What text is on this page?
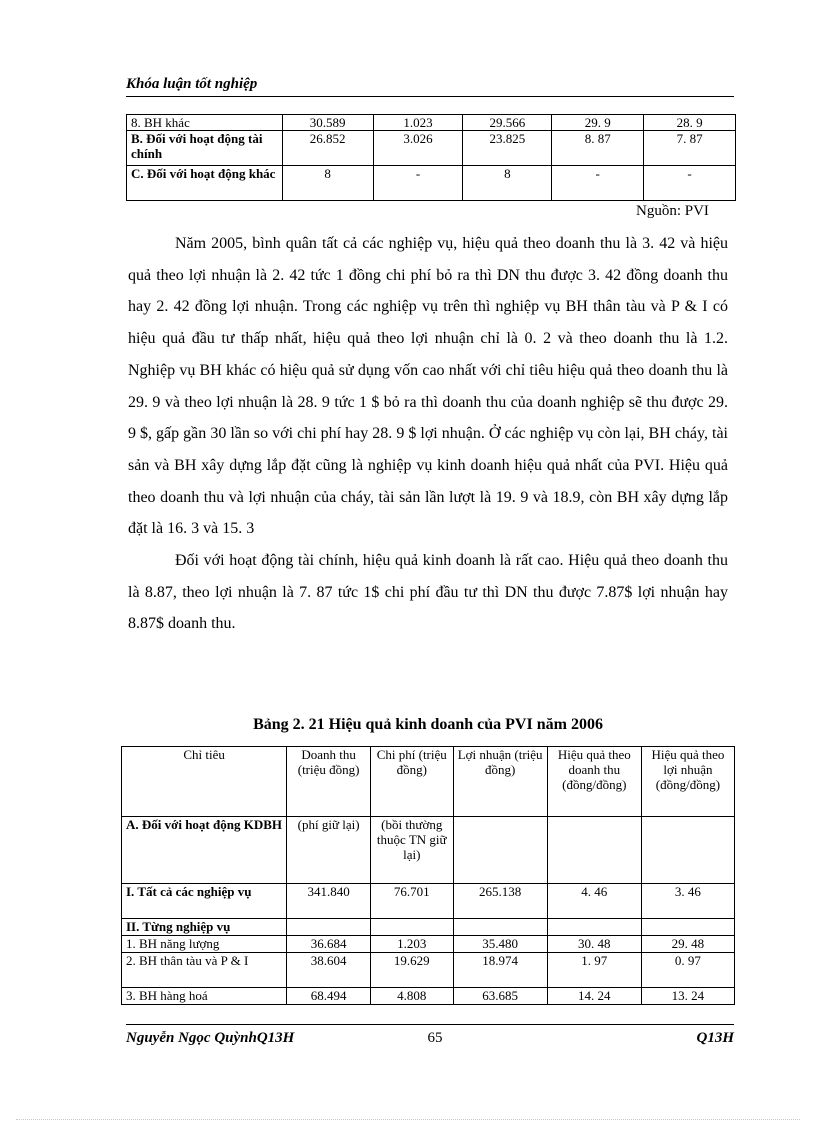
Khóa luận tốt nghiệp
8. BH khác	30.589	1.023	29.566	29. 9	28. 9
B. Đối với hoạt động tài chính	26.852	3.026	23.825	8. 87	7. 87
C. Đối với hoạt động khác	8	-	8	-	-
Nguồn: PVI

Năm 2005, bình quân tất cả các nghiệp vụ, hiệu quả theo doanh thu là 3. 42 và hiệu quả theo lợi nhuận là 2. 42 tức 1 đồng chi phí bỏ ra thì DN thu được 3. 42 đồng doanh thu hay 2. 42 đồng lợi nhuận. Trong các nghiệp vụ trên thì nghiệp vụ BH thân tàu và P & I có hiệu quả đầu tư thấp nhất, hiệu quả theo lợi nhuận chỉ là 0. 2 và theo doanh thu là 1.2. Nghiệp vụ BH khác có hiệu quả sử dụng vốn cao nhất với chỉ tiêu hiệu quả theo doanh thu là 29. 9 và theo lợi nhuận là 28. 9 tức 1 $ bỏ ra thì doanh thu của doanh nghiệp sẽ thu được 29. 9 $, gấp gần 30 lần so với chi phí hay 28. 9 $ lợi nhuận. Ở các nghiệp vụ còn lại, BH cháy, tài sản và BH xây dựng lắp đặt cũng là nghiệp vụ kinh doanh hiệu quả nhất của PVI. Hiệu quả theo doanh thu và lợi nhuận của cháy, tài sản lần lượt là 19. 9 và 18.9, còn BH xây dựng lắp đặt là 16. 3 và 15. 3

Đối với hoạt động tài chính, hiệu quả kinh doanh là rất cao. Hiệu quả theo doanh thu là 8.87, theo lợi nhuận là 7. 87 tức 1$ chi phí đầu tư thì DN thu được 7.87$ lợi nhuận hay 8.87$ doanh thu.

Bảng 2. 21 Hiệu quả kinh doanh của PVI năm 2006
Chỉ tiêu	Doanh thu (triệu đồng)	Chi phí (triệu đồng)	Lợi nhuận (triệu đồng)	Hiệu quả theo doanh thu (đồng/đồng)	Hiệu quả theo lợi nhuận (đồng/đồng)
A. Đối với hoạt động KDBH	(phí giữ lại)	(bồi thường thuộc TN giữ lại)			
I. Tất cả các nghiệp vụ	341.840	76.701	265.138	4. 46	3. 46
II. Từng nghiệp vụ					
1. BH năng lượng	36.684	1.203	35.480	30. 48	29. 48
2. BH thân tàu và P & I	38.604	19.629	18.974	1. 97	0. 97
3. BH hàng hoá	68.494	4.808	63.685	14. 24	13. 24
Nguyễn Ngọc QuỳnhQ13H	65	Q13H
